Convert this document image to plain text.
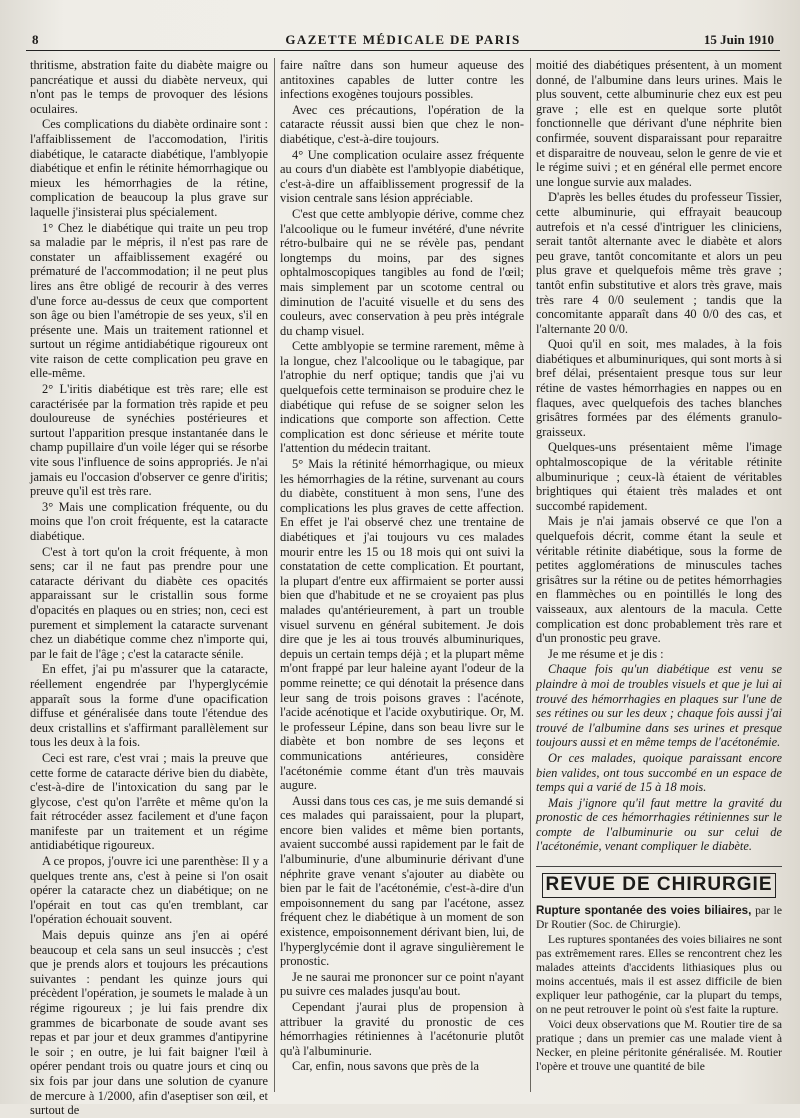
8	GAZETTE MÉDICALE DE PARIS	15 Juin 1910

thritisme, abstration faite du diabète maigre ou pancréatique et aussi du diabète nerveux, qui n'ont pas le temps de provoquer des lésions oculaires.

Ces complications du diabète ordinaire sont : l'affaiblissement de l'accomodation, l'iritis diabétique, le cataracte diabétique, l'amblyopie diabétique et enfin le rétinite hémorrhagique ou mieux les hémorrhagies de la rétine, complication de beaucoup la plus grave sur laquelle j'insisterai plus spécialement.

1° Chez le diabétique qui traite un peu trop sa maladie par le mépris, il n'est pas rare de constater un affaiblissement exagéré ou prématuré de l'accommodation; il ne peut plus lires ans être obligé de recourir à des verres d'une force au-dessus de ceux que comportent son âge ou bien l'amétropie de ses yeux, s'il en présente une. Mais un traitement rationnel et surtout un régime antidiabétique rigoureux ont vite raison de cette complication peu grave en elle-même.

2° L'iritis diabétique est très rare; elle est caractérisée par la formation très rapide et peu douloureuse de synéchies postérieures et surtout l'apparition presque instantanée dans le champ pupillaire d'un voile léger qui se résorbe vite sous l'influence de soins appropriés. Je n'ai jamais eu l'occasion d'observer ce genre d'iritis; preuve qu'il est très rare.

3° Mais une complication fréquente, ou du moins que l'on croit fréquente, est la cataracte diabétique.

C'est à tort qu'on la croit fréquente, à mon sens; car il ne faut pas prendre pour une cataracte dérivant du diabète ces opacités apparaissant sur le cristallin sous forme d'opacités en plaques ou en stries; non, ceci est purement et simplement la cataracte survenant chez un diabétique comme chez n'importe qui, par le fait de l'âge ; c'est la cataracte sénile.

En effet, j'ai pu m'assurer que la cataracte, réellement engendrée par l'hyperglycémie apparaît sous la forme d'une opacification diffuse et généralisée dans toute l'étendue des deux cristallins et s'affirmant parallèlement sur tous les deux à la fois.

Ceci est rare, c'est vrai ; mais la preuve que cette forme de cataracte dérive bien du diabète, c'est-à-dire de l'intoxication du sang par le glycose, c'est qu'on l'arrête et même qu'on la fait rétrocéder assez facilement et d'une façon manifeste par un traitement et un régime antidiabétique rigoureux.

A ce propos, j'ouvre ici une parenthèse: Il y a quelques trente ans, c'est à peine si l'on osait opérer la cataracte chez un diabétique; on ne l'opérait en tout cas qu'en tremblant, car l'opération échouait souvent.

Mais depuis quinze ans j'en ai opéré beaucoup et cela sans un seul insuccès ; c'est que je prends alors et toujours les précautions suivantes : pendant les quinze jours qui précèdent l'opération, je soumets le malade à un régime rigoureux ; je lui fais prendre dix grammes de bicarbonate de soude avant ses repas et par jour et deux grammes d'antipyrine le soir ; en outre, je lui fait baigner l'œil à opérer pendant trois ou quatre jours et cinq ou six fois par jour dans une solution de cyanure de mercure à 1/2000, afin d'aseptiser son œil, et surtout de

faire naître dans son humeur aqueuse des antitoxines capables de lutter contre les infections exogènes toujours possibles.

Avec ces précautions, l'opération de la cataracte réussit aussi bien que chez le non-diabétique, c'est-à-dire toujours.

4° Une complication oculaire assez fréquente au cours d'un diabète est l'amblyopie diabétique, c'est-à-dire un affaiblissement progressif de la vision centrale sans lésion appréciable.

C'est que cette amblyopie dérive, comme chez l'alcoolique ou le fumeur invétéré, d'une névrite rétro-bulbaire qui ne se révèle pas, pendant longtemps du moins, par des signes ophtalmoscopiques tangibles au fond de l'œil; mais simplement par un scotome central ou diminution de l'acuité visuelle et du sens des couleurs, avec conservation à peu près intégrale du champ visuel.

Cette amblyopie se termine rarement, même à la longue, chez l'alcoolique ou le tabagique, par l'atrophie du nerf optique; tandis que j'ai vu quelquefois cette terminaison se produire chez le diabétique qui refuse de se soigner selon les indications que comporte son affection. Cette complication est donc sérieuse et mérite toute l'attention du médecin traitant.

5° Mais la rétinité hémorrhagique, ou mieux les hémorrhagies de la rétine, survenant au cours du diabète, constituent à mon sens, l'une des complications les plus graves de cette affection. En effet je l'ai observé chez une trentaine de diabétiques et j'ai toujours vu ces malades mourir entre les 15 ou 18 mois qui ont suivi la constatation de cette complication. Et pourtant, la plupart d'entre eux affirmaient se porter aussi bien que d'habitude et ne se croyaient pas plus malades qu'antérieurement, à part un trouble visuel survenu en général subitement. Je dois dire que je les ai tous trouvés albuminuriques, depuis un certain temps déjà ; et la plupart même m'ont frappé par leur haleine ayant l'odeur de la pomme reinette; ce qui dénotait la présence dans leur sang de trois poisons graves : l'acénote, l'acide acénotique et l'acide oxybutirique. Or, M. le professeur Lépine, dans son beau livre sur le diabète et bon nombre de ses leçons et communications antérieures, considère l'acétonémie comme étant d'un très mauvais augure.

Aussi dans tous ces cas, je me suis demandé si ces malades qui paraissaient, pour la plupart, encore bien valides et même bien portants, avaient succombé aussi rapidement par le fait de l'albuminurie, d'une albuminurie dérivant d'une néphrite grave venant s'ajouter au diabète ou bien par le fait de l'acétonémie, c'est-à-dire d'un empoisonnement du sang par l'acétone, assez fréquent chez le diabétique à un moment de son existence, empoisonnement dérivant bien, lui, de l'hyperglycémie dont il agrave singulièrement le pronostic.

Je ne saurai me prononcer sur ce point n'ayant pu suivre ces malades jusqu'au bout.

Cependant j'aurai plus de propension à attribuer la gravité du pronostic de ces hémorrhagies rétiniennes à l'acétonurie plutôt qu'à l'albuminurie.

Car, enfin, nous savons que près de la

moitié des diabétiques présentent, à un moment donné, de l'albumine dans leurs urines. Mais le plus souvent, cette albuminurie chez eux est peu grave ; elle est en quelque sorte plutôt fonctionnelle que dérivant d'une néphrite bien confirmée, souvent disparaissant pour reparaitre et disparaitre de nouveau, selon le genre de vie et le régime suivi ; et en général elle permet encore une longue survie aux malades.

D'après les belles études du professeur Tissier, cette albuminurie, qui effrayait beaucoup autrefois et n'a cessé d'intriguer les cliniciens, serait tantôt alternante avec le diabète et alors peu grave, tantôt concomitante et alors un peu plus grave et quelquefois même très grave ; tantôt enfin substitutive et alors très grave, mais très rare 4 0/0 seulement ; tandis que la concomitante apparaît dans 40 0/0 des cas, et l'alternante 20 0/0.

Quoi qu'il en soit, mes malades, à la fois diabétiques et albuminuriques, qui sont morts à si bref délai, présentaient presque tous sur leur rétine de vastes hémorrhagies en nappes ou en flaques, avec quelquefois des taches blanches grisâtres formées par des éléments granulo-graisseux.

Quelques-uns présentaient même l'image ophtalmoscopique de la véritable rétinite albuminurique ; ceux-là étaient de véritables brightiques qui étaient très malades et ont succombé rapidement.

Mais je n'ai jamais observé ce que l'on a quelquefois décrit, comme étant la seule et véritable rétinite diabétique, sous la forme de petites agglomérations de minuscules taches grisâtres sur la rétine ou de petites hémorrhagies en flammèches ou en pointillés le long des vaisseaux, aux alentours de la macula. Cette complication est donc probablement très rare et d'un pronostic peu grave.

Je me résume et je dis :

Chaque fois qu'un diabétique est venu se plaindre à moi de troubles visuels et que je lui ai trouvé des hémorrhagies en plaques sur l'une de ses rétines ou sur les deux ; chaque fois aussi j'ai trouvé de l'albumine dans ses urines et presque toujours aussi et en même temps de l'acétonémie.

Or ces malades, quoique paraissant encore bien valides, ont tous succombé en un espace de temps qui a varié de 15 à 18 mois.

Mais j'ignore qu'il faut mettre la gravité du pronostic de ces hémorrhagies rétiniennes sur le compte de l'albuminurie ou sur celui de l'acétonémie, venant compliquer le diabète.

REVUE DE CHIRURGIE

Rupture spontanée des voies biliaires, par le Dr Routier (Soc. de Chirurgie).

Les ruptures spontanées des voies biliaires ne sont pas extrêmement rares. Elles se rencontrent chez les malades atteints d'accidents lithiasiques plus ou moins accentués, mais il est assez difficile de bien expliquer leur pathogénie, car la plupart du temps, on ne peut retrouver le point où s'est faite la rupture.

Voici deux observations que M. Routier tire de sa pratique ; dans un premier cas une malade vient à Necker, en pleine péritonite généralisée. M. Routier l'opère et trouve une quantité de bile
